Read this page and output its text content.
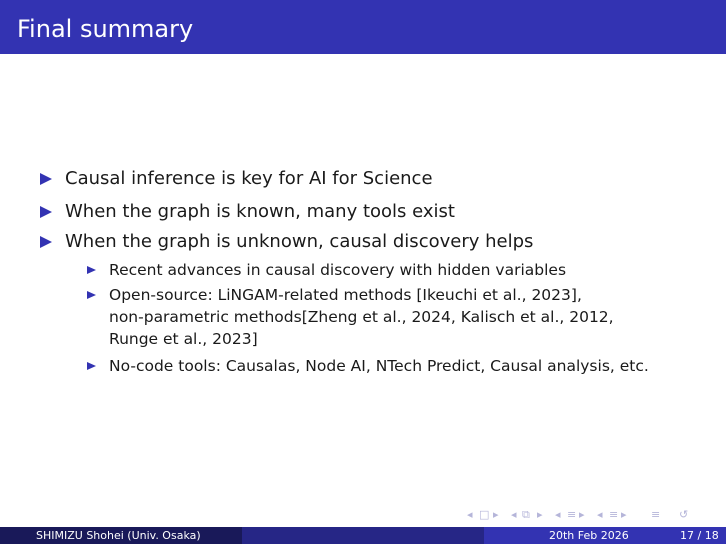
Final summary
Causal inference is key for AI for Science
When the graph is known, many tools exist
When the graph is unknown, causal discovery helps
Recent advances in causal discovery with hidden variables
Open-source: LiNGAM-related methods [Ikeuchi et al., 2023],
non-parametric methods[Zheng et al., 2024, Kalisch et al., 2012,
Runge et al., 2023]
No-code tools: Causalas, Node AI, NTech Predict, Causal analysis, etc.
◂ □ ▸ ◂ ⧉ ▸ ◂ ≡ ▸ ◂ ≡ ▸ ≡ ↺
SHIMIZU Shohei (Univ. Osaka)	20th Feb 2026	17 / 18
